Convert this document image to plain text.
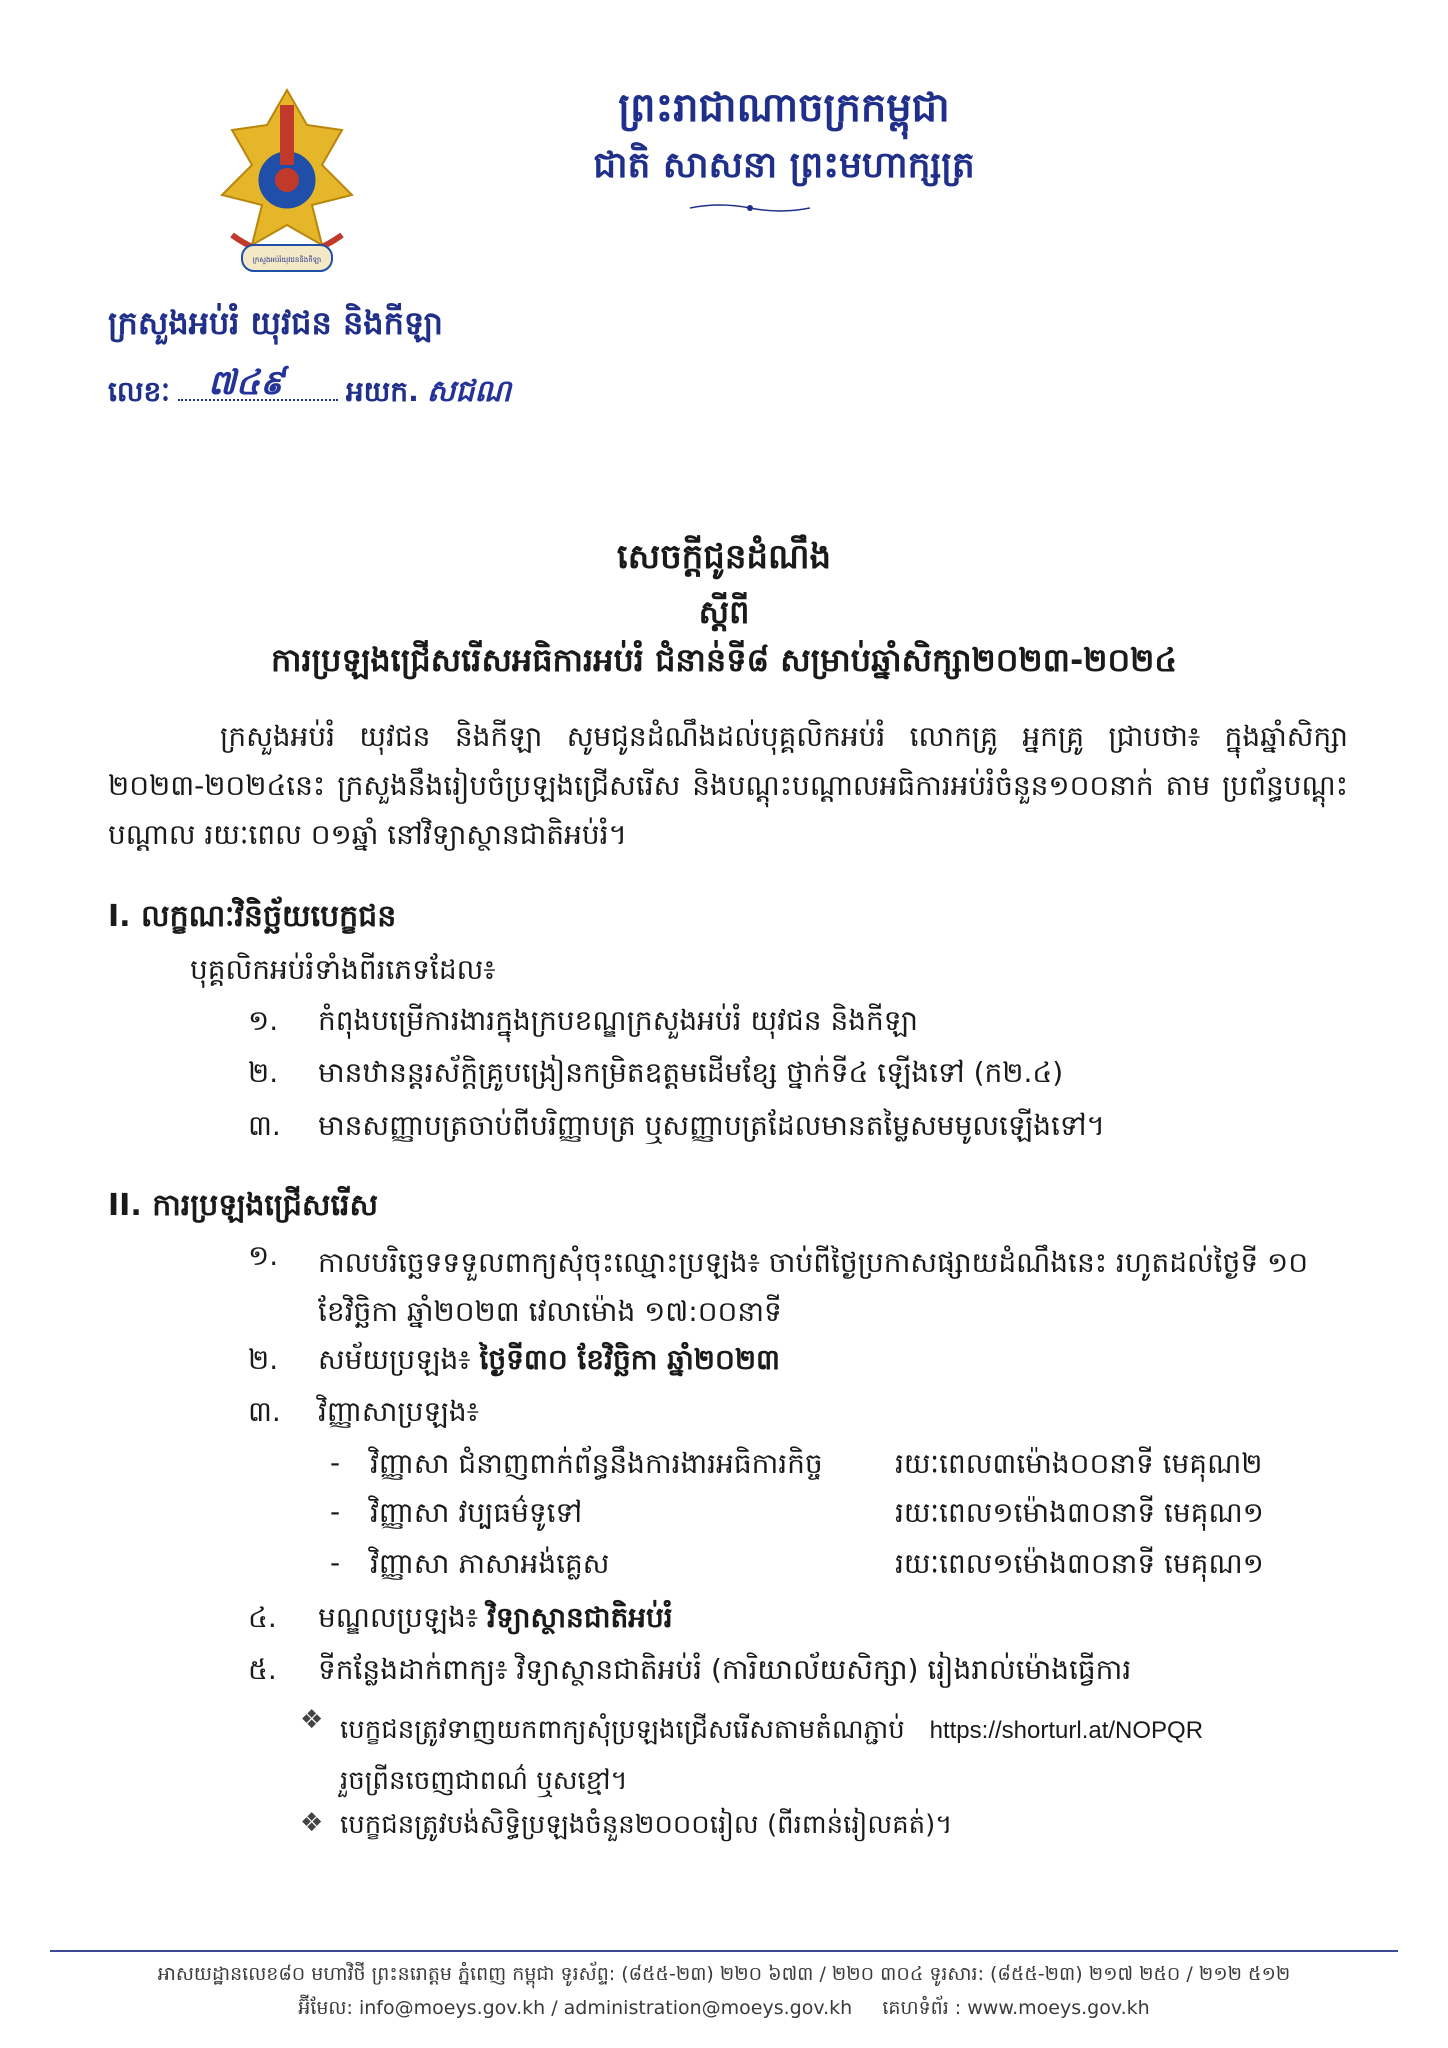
ព្រះរាជាណាចក្រកម្ពុជា
ជាតិ សាសនា ព្រះមហាក្សត្រ
ក្រសួងអប់រំយុវជននិងកីឡា
ក្រសួងអប់រំ យុវជន និងកីឡា
លេខៈ ៧៤៩ អយក. សជណ
សេចក្តីជូនដំណឹង
ស្តីពី
ការប្រឡងជ្រើសរើសអធិការអប់រំ ជំនាន់ទី៨ សម្រាប់ឆ្នាំសិក្សា២០២៣-២០២៤
ក្រសួងអប់រំ យុវជន និងកីឡា សូមជូនដំណឹងដល់បុគ្គលិកអប់រំ លោកគ្រូ អ្នកគ្រូ ជ្រាបថា៖ ក្នុងឆ្នាំសិក្សា ២០២៣-២០២៤នេះ ក្រសួងនឹងរៀបចំប្រឡងជ្រើសរើស និងបណ្តុះបណ្តាលអធិការអប់រំចំនួន១០០នាក់ តាម ប្រព័ន្ធបណ្តុះបណ្តាល រយៈពេល ០១ឆ្នាំ នៅវិទ្យាស្ថានជាតិអប់រំ។
I. លក្ខណៈវិនិច្ឆ័យបេក្ខជន
បុគ្គលិកអប់រំទាំងពីរភេទដែល៖
១.	កំពុងបម្រើការងារក្នុងក្របខណ្ឌក្រសួងអប់រំ យុវជន និងកីឡា
២.	មានឋានន្តរស័ក្តិគ្រូបង្រៀនកម្រិតឧត្តមដើមខ្សែ ថ្នាក់ទី៤ ឡើងទៅ (ក២.៤)
៣.	មានសញ្ញាបត្រចាប់ពីបរិញ្ញាបត្រ ឬសញ្ញាបត្រដែលមានតម្លៃសមមូលឡើងទៅ។
II. ការប្រឡងជ្រើសរើស
១.	កាលបរិច្ឆេទទទួលពាក្យសុំចុះឈ្មោះប្រឡង៖ ចាប់ពីថ្ងៃប្រកាសផ្សាយដំណឹងនេះ រហូតដល់ថ្ងៃទី ១០ ខែវិច្ឆិកា ឆ្នាំ២០២៣ វេលាម៉ោង ១៧:០០នាទី
២.	សម័យប្រឡង៖
ថ្ងៃទី៣០ ខែវិច្ឆិកា ឆ្នាំ២០២៣
៣.	វិញ្ញាសាប្រឡង៖
-	វិញ្ញាសា ជំនាញពាក់ព័ន្ធនឹងការងារអធិការកិច្ច	រយៈពេល៣ម៉ោង០០នាទី មេគុណ២
-	វិញ្ញាសា វប្បធម៌ទូទៅ	រយៈពេល១ម៉ោង៣០នាទី មេគុណ១
-	វិញ្ញាសា ភាសាអង់គ្លេស	រយៈពេល១ម៉ោង៣០នាទី មេគុណ១
៤.	មណ្ឌលប្រឡង៖
វិទ្យាស្ថានជាតិអប់រំ
៥.	ទីកន្លែងដាក់ពាក្យ៖ វិទ្យាស្ថានជាតិអប់រំ (ការិយាល័យសិក្សា) រៀងរាល់ម៉ោងធ្វើការ
❖ បេក្ខជនត្រូវទាញយកពាក្យសុំប្រឡងជ្រើសរើសតាមតំណភ្ជាប់ https://shorturl.at/NOPQR
រួចព្រីនចេញជាពណ៌ ឬសខ្មៅ។
❖ បេក្ខជនត្រូវបង់សិទ្ធិប្រឡងចំនួន២០០០រៀល (ពីរពាន់រៀលគត់)។
អាសយដ្ឋានលេខ៨០ មហាវិថី ព្រះនរោត្តម ភ្នំពេញ កម្ពុជា ទូរស័ព្ទ: (៨៥៥-២៣) ២២០ ៦៧៣ / ២២០ ៣០៤ ទូរសារ: (៨៥៥-២៣) ២១៧ ២៥០ / ២១២ ៥១២
អ៊ីមែល: info@moeys.gov.kh / administration@moeys.gov.kh គេហទំព័រ : www.moeys.gov.kh
